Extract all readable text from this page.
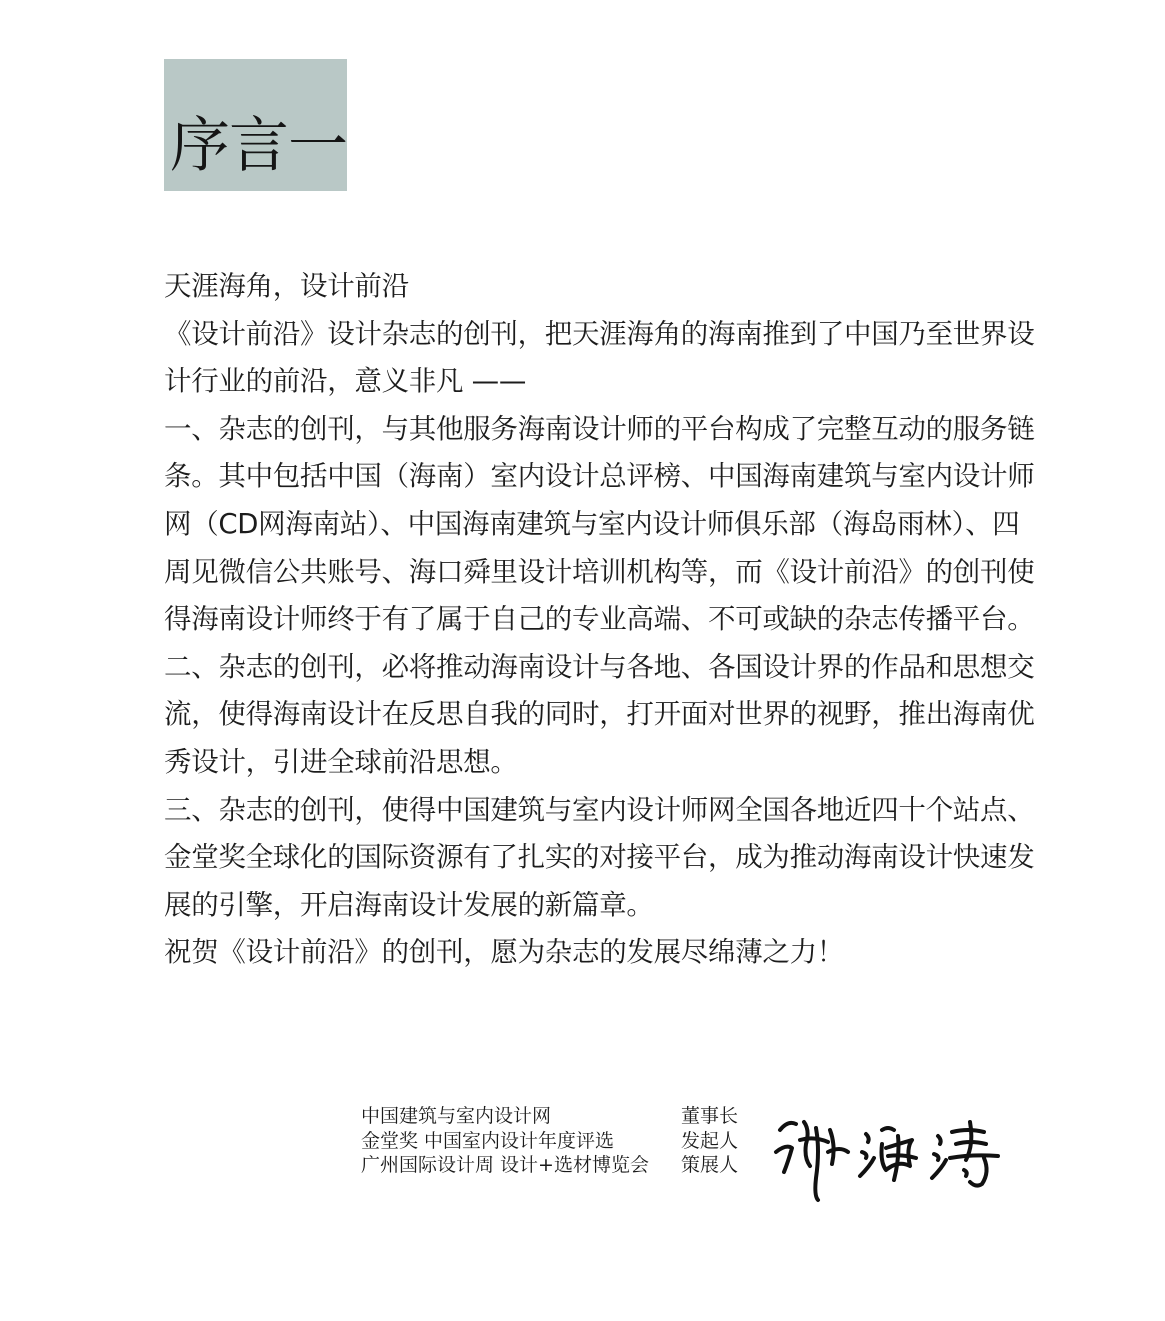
序言一
天涯海角，设计前沿
《设计前沿》设计杂志的创刊，把天涯海角的海南推到了中国乃至世界设
计行业的前沿，意义非凡 ——
一、杂志的创刊，与其他服务海南设计师的平台构成了完整互动的服务链
条。其中包括中国（海南）室内设计总评榜、中国海南建筑与室内设计师
网（CD网海南站）、中国海南建筑与室内设计师俱乐部（海岛雨林）、四
周见微信公共账号、海口舜里设计培训机构等，而《设计前沿》的创刊使
得海南设计师终于有了属于自己的专业高端、不可或缺的杂志传播平台。
二、杂志的创刊，必将推动海南设计与各地、各国设计界的作品和思想交
流，使得海南设计在反思自我的同时，打开面对世界的视野，推出海南优
秀设计，引进全球前沿思想。
三、杂志的创刊，使得中国建筑与室内设计师网全国各地近四十个站点、
金堂奖全球化的国际资源有了扎实的对接平台，成为推动海南设计快速发
展的引擎，开启海南设计发展的新篇章。
祝贺《设计前沿》的创刊，愿为杂志的发展尽绵薄之力！
中国建筑与室内设计网	董事长
金堂奖 中国室内设计年度评选	发起人
广州国际设计周 设计+选材博览会 策展人
